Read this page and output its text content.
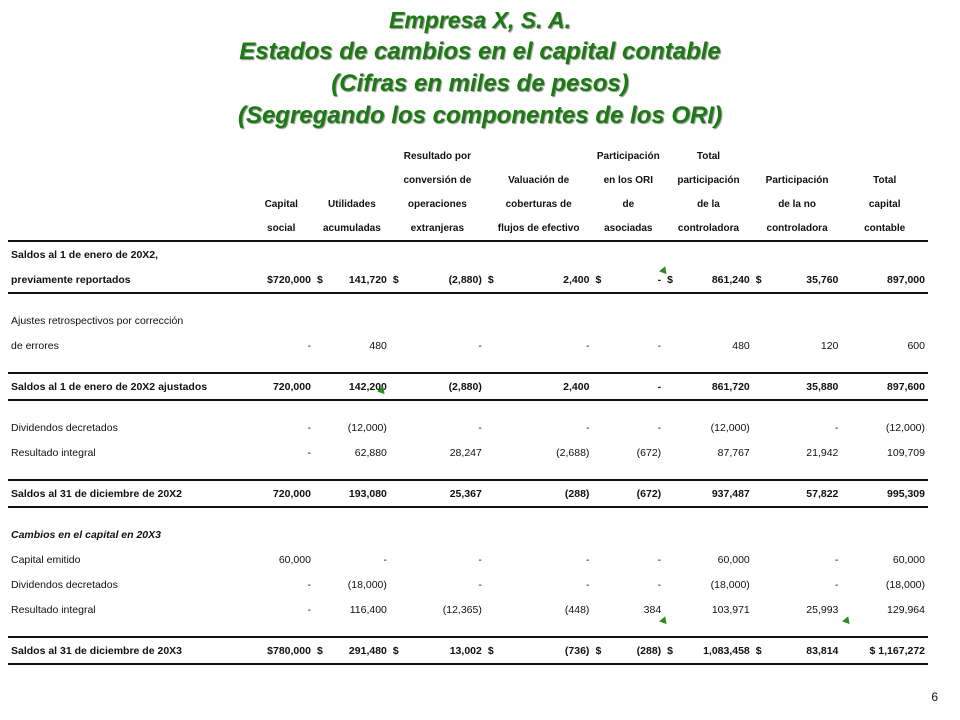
Empresa X, S. A.
Estados de cambios en el capital contable
(Cifras en miles de pesos)
(Segregando los componentes de los ORI)
				Resultado por				Participación		Total				
				conversión de		Valuación de		en los ORI		participación		Participación		Total
	Capital	Utilidades		operaciones		coberturas de		de		de la		de la no		capital
	social	acumuladas		extranjeras		flujos de efectivo		asociadas		controladora		controladora		contable
Saldos al 1 de enero de 20X2,														
previamente reportados	$720,000	$	141,720	$	(2,880)	$	2,400	$	-	$	861,240	$	35,760	897,000

Ajustes retrospectivos por corrección														
de errores	-		480		-		-		-		480		120	600

Saldos al 1 de enero de 20X2 ajustados	720,000		142,200		(2,880)		2,400		-		861,720		35,880	897,600

Dividendos decretados	-		(12,000)		-		-		-		(12,000)		-	(12,000)
Resultado integral	-		62,880		28,247		(2,688)		(672)		87,767		21,942	109,709

Saldos al 31 de diciembre de 20X2	720,000		193,080		25,367		(288)		(672)		937,487		57,822	995,309

Cambios en el capital en 20X3														
Capital emitido	60,000		-		-		-		-		60,000		-	60,000
Dividendos decretados	-		(18,000)		-		-		-		(18,000)		-	(18,000)
Resultado integral	-		116,400		(12,365)		(448)		384		103,971		25,993	129,964

Saldos al 31 de diciembre de 20X3	$780,000	$	291,480	$	13,002	$	(736)	$	(288)	$	1,083,458	$	83,814	$ 1,167,272
6
